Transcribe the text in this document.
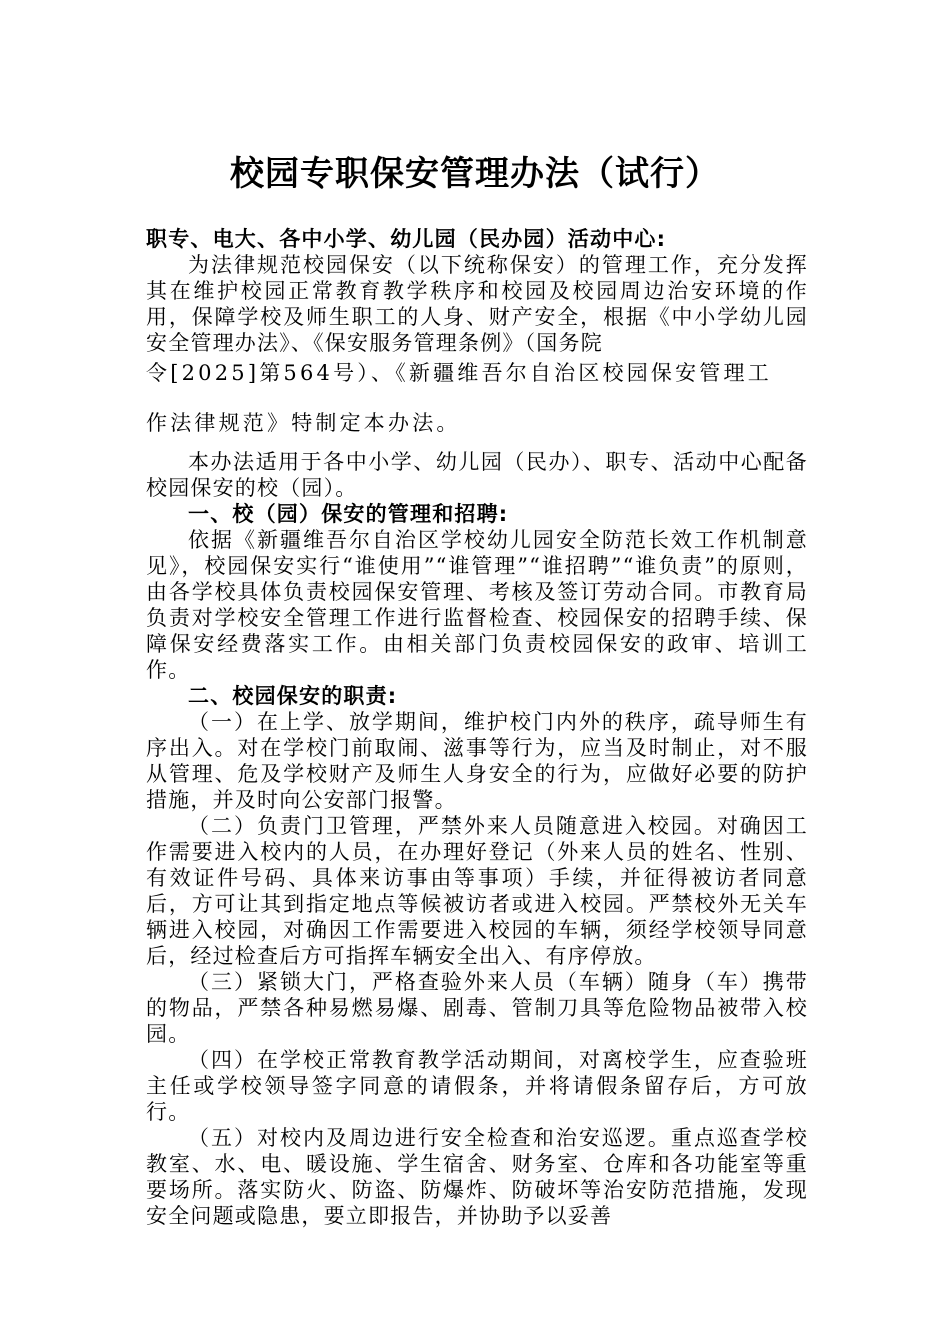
校园专职保安管理办法（试行）

职专、电大、各中小学、幼儿园（民办园）活动中心:

为法律规范校园保安（以下统称保安）的管理工作，充分发挥其在维护校园正常教育教学秩序和校园及校园周边治安环境的作用，保障学校及师生职工的人身、财产安全，根据《中小学幼儿园安全管理办法》、《保安服务管理条例》（国务院

令[2025]第564号）、《新疆维吾尔自治区校园保安管理工

作法律规范》特制定本办法。

本办法适用于各中小学、幼儿园（民办）、职专、活动中心配备校园保安的校（园）。

一、校（园）保安的管理和招聘:

依据《新疆维吾尔自治区学校幼儿园安全防范长效工作机制意见》，校园保安实行“谁使用”“谁管理”“谁招聘”“谁负责”的原则，由各学校具体负责校园保安管理、考核及签订劳动合同。市教育局负责对学校安全管理工作进行监督检查、校园保安的招聘手续、保障保安经费落实工作。由相关部门负责校园保安的政审、培训工作。

二、校园保安的职责:

（一）在上学、放学期间，维护校门内外的秩序，疏导师生有序出入。对在学校门前取闹、滋事等行为，应当及时制止，对不服从管理、危及学校财产及师生人身安全的行为，应做好必要的防护措施，并及时向公安部门报警。

（二）负责门卫管理，严禁外来人员随意进入校园。对确因工作需要进入校内的人员，在办理好登记（外来人员的姓名、性别、有效证件号码、具体来访事由等事项）手续，并征得被访者同意后，方可让其到指定地点等候被访者或进入校园。严禁校外无关车辆进入校园，对确因工作需要进入校园的车辆，须经学校领导同意后，经过检查后方可指挥车辆安全出入、有序停放。

（三）紧锁大门，严格查验外来人员（车辆）随身（车）携带的物品，严禁各种易燃易爆、剧毒、管制刀具等危险物品被带入校园。

（四）在学校正常教育教学活动期间，对离校学生，应查验班主任或学校领导签字同意的请假条，并将请假条留存后，方可放行。

（五）对校内及周边进行安全检查和治安巡逻。重点巡查学校教室、水、电、暖设施、学生宿舍、财务室、仓库和各功能室等重要场所。落实防火、防盗、防爆炸、防破坏等治安防范措施，发现安全问题或隐患，要立即报告，并协助予以妥善
